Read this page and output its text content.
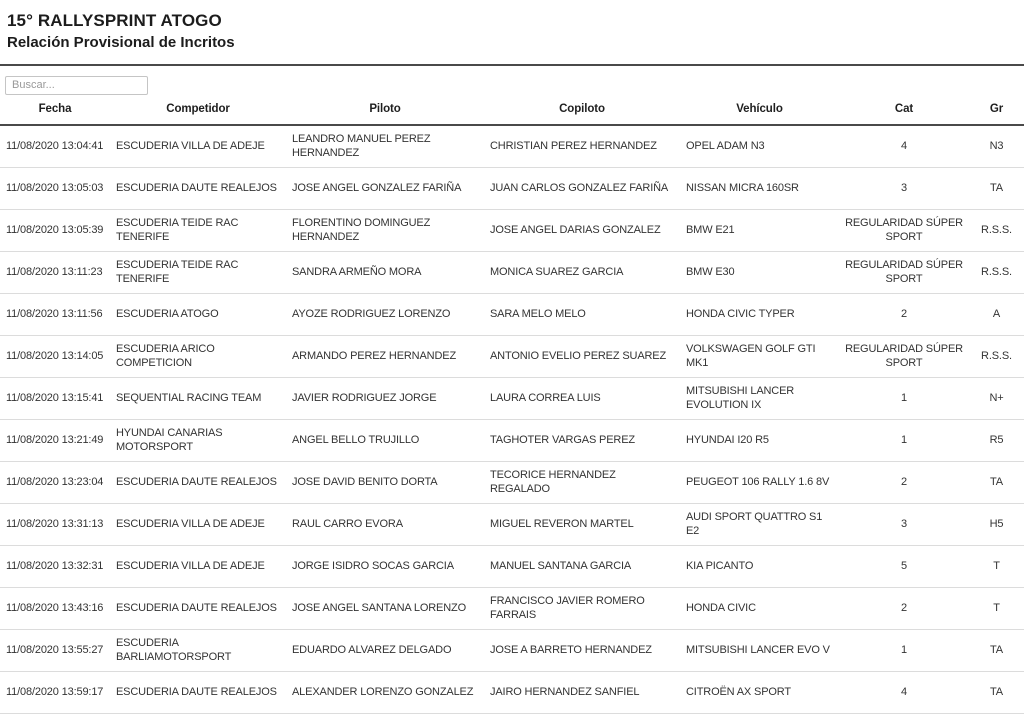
15° RALLYSPRINT ATOGO
Relación Provisional de Incritos
Buscar...
Fecha	Competidor	Piloto	Copiloto	Vehículo	Cat	Gr
11/08/2020 13:04:41	ESCUDERIA VILLA DE ADEJE	LEANDRO MANUEL PEREZ HERNANDEZ	CHRISTIAN PEREZ HERNANDEZ	OPEL ADAM N3	4	N3
11/08/2020 13:05:03	ESCUDERIA DAUTE REALEJOS	JOSE ANGEL GONZALEZ FARIÑA	JUAN CARLOS GONZALEZ FARIÑA	NISSAN MICRA 160SR	3	TA
11/08/2020 13:05:39	ESCUDERIA TEIDE RAC TENERIFE	FLORENTINO DOMINGUEZ HERNANDEZ	JOSE ANGEL DARIAS GONZALEZ	BMW E21	REGULARIDAD SÚPER SPORT	R.S.S.
11/08/2020 13:11:23	ESCUDERIA TEIDE RAC TENERIFE	SANDRA ARMEÑO MORA	MONICA SUAREZ GARCIA	BMW E30	REGULARIDAD SÚPER SPORT	R.S.S.
11/08/2020 13:11:56	ESCUDERIA ATOGO	AYOZE RODRIGUEZ LORENZO	SARA MELO MELO	HONDA CIVIC TYPER	2	A
11/08/2020 13:14:05	ESCUDERIA ARICO COMPETICION	ARMANDO PEREZ HERNANDEZ	ANTONIO EVELIO PEREZ SUAREZ	VOLKSWAGEN GOLF GTI MK1	REGULARIDAD SÚPER SPORT	R.S.S.
11/08/2020 13:15:41	SEQUENTIAL RACING TEAM	JAVIER RODRIGUEZ JORGE	LAURA CORREA LUIS	MITSUBISHI LANCER EVOLUTION IX	1	N+
11/08/2020 13:21:49	HYUNDAI CANARIAS MOTORSPORT	ANGEL BELLO TRUJILLO	TAGHOTER VARGAS PEREZ	HYUNDAI I20 R5	1	R5
11/08/2020 13:23:04	ESCUDERIA DAUTE REALEJOS	JOSE DAVID BENITO DORTA	TECORICE HERNANDEZ REGALADO	PEUGEOT 106 RALLY 1.6 8V	2	TA
11/08/2020 13:31:13	ESCUDERIA VILLA DE ADEJE	RAUL CARRO EVORA	MIGUEL REVERON MARTEL	AUDI SPORT QUATTRO S1 E2	3	H5
11/08/2020 13:32:31	ESCUDERIA VILLA DE ADEJE	JORGE ISIDRO SOCAS GARCIA	MANUEL SANTANA GARCIA	KIA PICANTO	5	T
11/08/2020 13:43:16	ESCUDERIA DAUTE REALEJOS	JOSE ANGEL SANTANA LORENZO	FRANCISCO JAVIER ROMERO FARRAIS	HONDA CIVIC	2	T
11/08/2020 13:55:27	ESCUDERIA BARLIAMOTORSPORT	EDUARDO ALVAREZ DELGADO	JOSE A BARRETO HERNANDEZ	MITSUBISHI LANCER EVO V	1	TA
11/08/2020 13:59:17	ESCUDERIA DAUTE REALEJOS	ALEXANDER LORENZO GONZALEZ	JAIRO HERNANDEZ SANFIEL	CITROËN AX SPORT	4	TA
